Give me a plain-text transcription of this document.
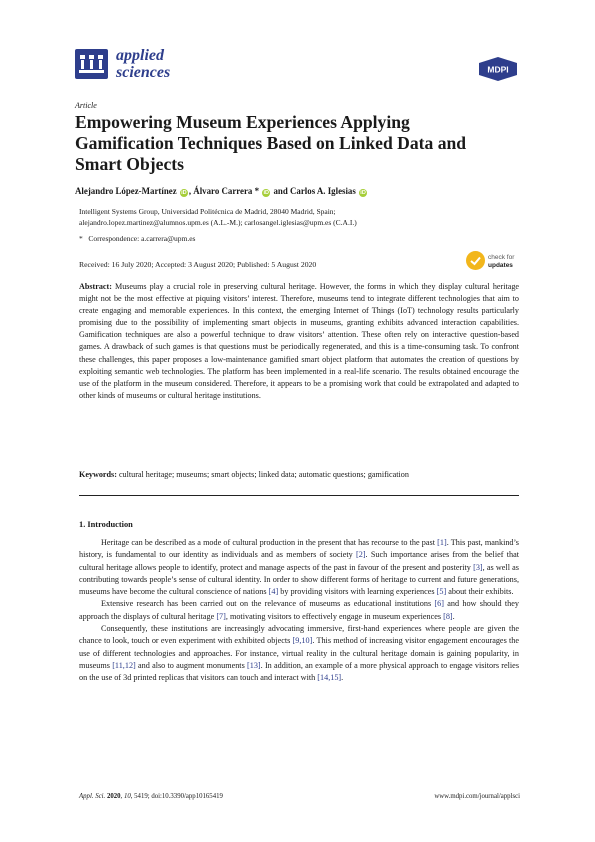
applied
sciences	MDPI
Article
Empowering Museum Experiences Applying Gamification Techniques Based on Linked Data and Smart Objects
Alejandro López-Martínez iD , Álvaro Carrera * iD and Carlos A. Iglesias iD
Intelligent Systems Group, Universidad Politécnica de Madrid, 28040 Madrid, Spain;
alejandro.lopez.martinez@alumnos.upm.es (A.L.-M.); carlosangel.iglesias@upm.es (C.A.I.)
* Correspondence: a.carrera@upm.es
check for
updates
Received: 16 July 2020; Accepted: 3 August 2020; Published: 5 August 2020

Abstract: Museums play a crucial role in preserving cultural heritage. However, the forms in which they display cultural heritage might not be the most effective at piquing visitors’ interest. Therefore, museums tend to integrate different technologies that aim to create engaging and memorable experiences. In this context, the emerging Internet of Things (IoT) technology results particularly promising due to the possibility of implementing smart objects in museums, granting exhibits advanced interaction capabilities. Gamification techniques are also a powerful technique to draw visitors’ attention. These often rely on interactive question-based games. A drawback of such games is that questions must be periodically regenerated, and this is a time-consuming task. To confront these challenges, this paper proposes a low-maintenance gamified smart object platform that automates the creation of questions by exploiting semantic web technologies. The platform has been implemented in a real-life scenario. The results obtained encourage the use of the platform in the museum considered. Therefore, it appears to be a promising work that could be extrapolated and adapted to other kinds of museums or cultural heritage institutions.

Keywords: cultural heritage; museums; smart objects; linked data; automatic questions; gamification
1. Introduction

Heritage can be described as a mode of cultural production in the present that has recourse to the past [1]. This past, mankind’s history, is fundamental to our identity as individuals and as members of society [2]. Such importance arises from the belief that cultural heritage allows people to identify, protect and manage aspects of the past in favour of the present and posterity [3], as well as contributing towards people’s sense of cultural identity. In order to show different forms of heritage to current and future generations, museums have become the cultural conscience of nations [4] by providing visitors with learning experiences [5] about their exhibits.

Extensive research has been carried out on the relevance of museums as educational institutions [6] and how should they approach the displays of cultural heritage [7], motivating visitors to effectively engage in museum experiences [8].

Consequently, these institutions are increasingly advocating immersive, first-hand experiences where people are given the chance to look, touch or even experiment with exhibited objects [9,10]. This method of increasing visitor engagement encourages the use of different technologies and approaches. For instance, virtual reality in the cultural heritage domain is gaining popularity, in museums [11,12] and also to augment monuments [13]. In addition, an example of a more physical approach to engage visitors relies on the use of 3d printed replicas that visitors can touch and interact with [14,15].

Appl. Sci. 2020, 10, 5419; doi:10.3390/app10165419	www.mdpi.com/journal/applsci
